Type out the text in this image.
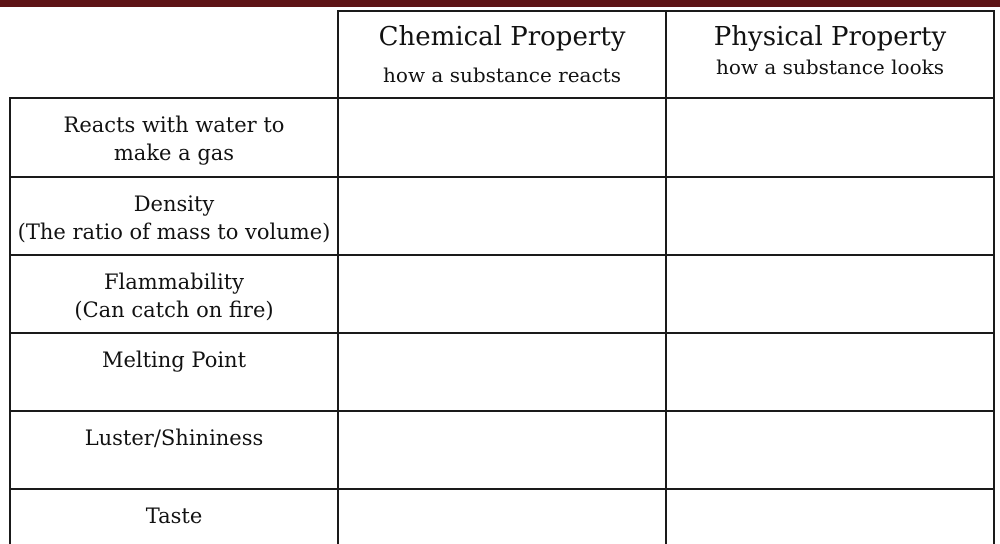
Chemical Property
how a substance reacts
Physical Property
how a substance looks
Reacts with water to
make a gas
Density
(The ratio of mass to volume)
Flammability
(Can catch on fire)
Melting Point
Luster/Shininess
Taste
